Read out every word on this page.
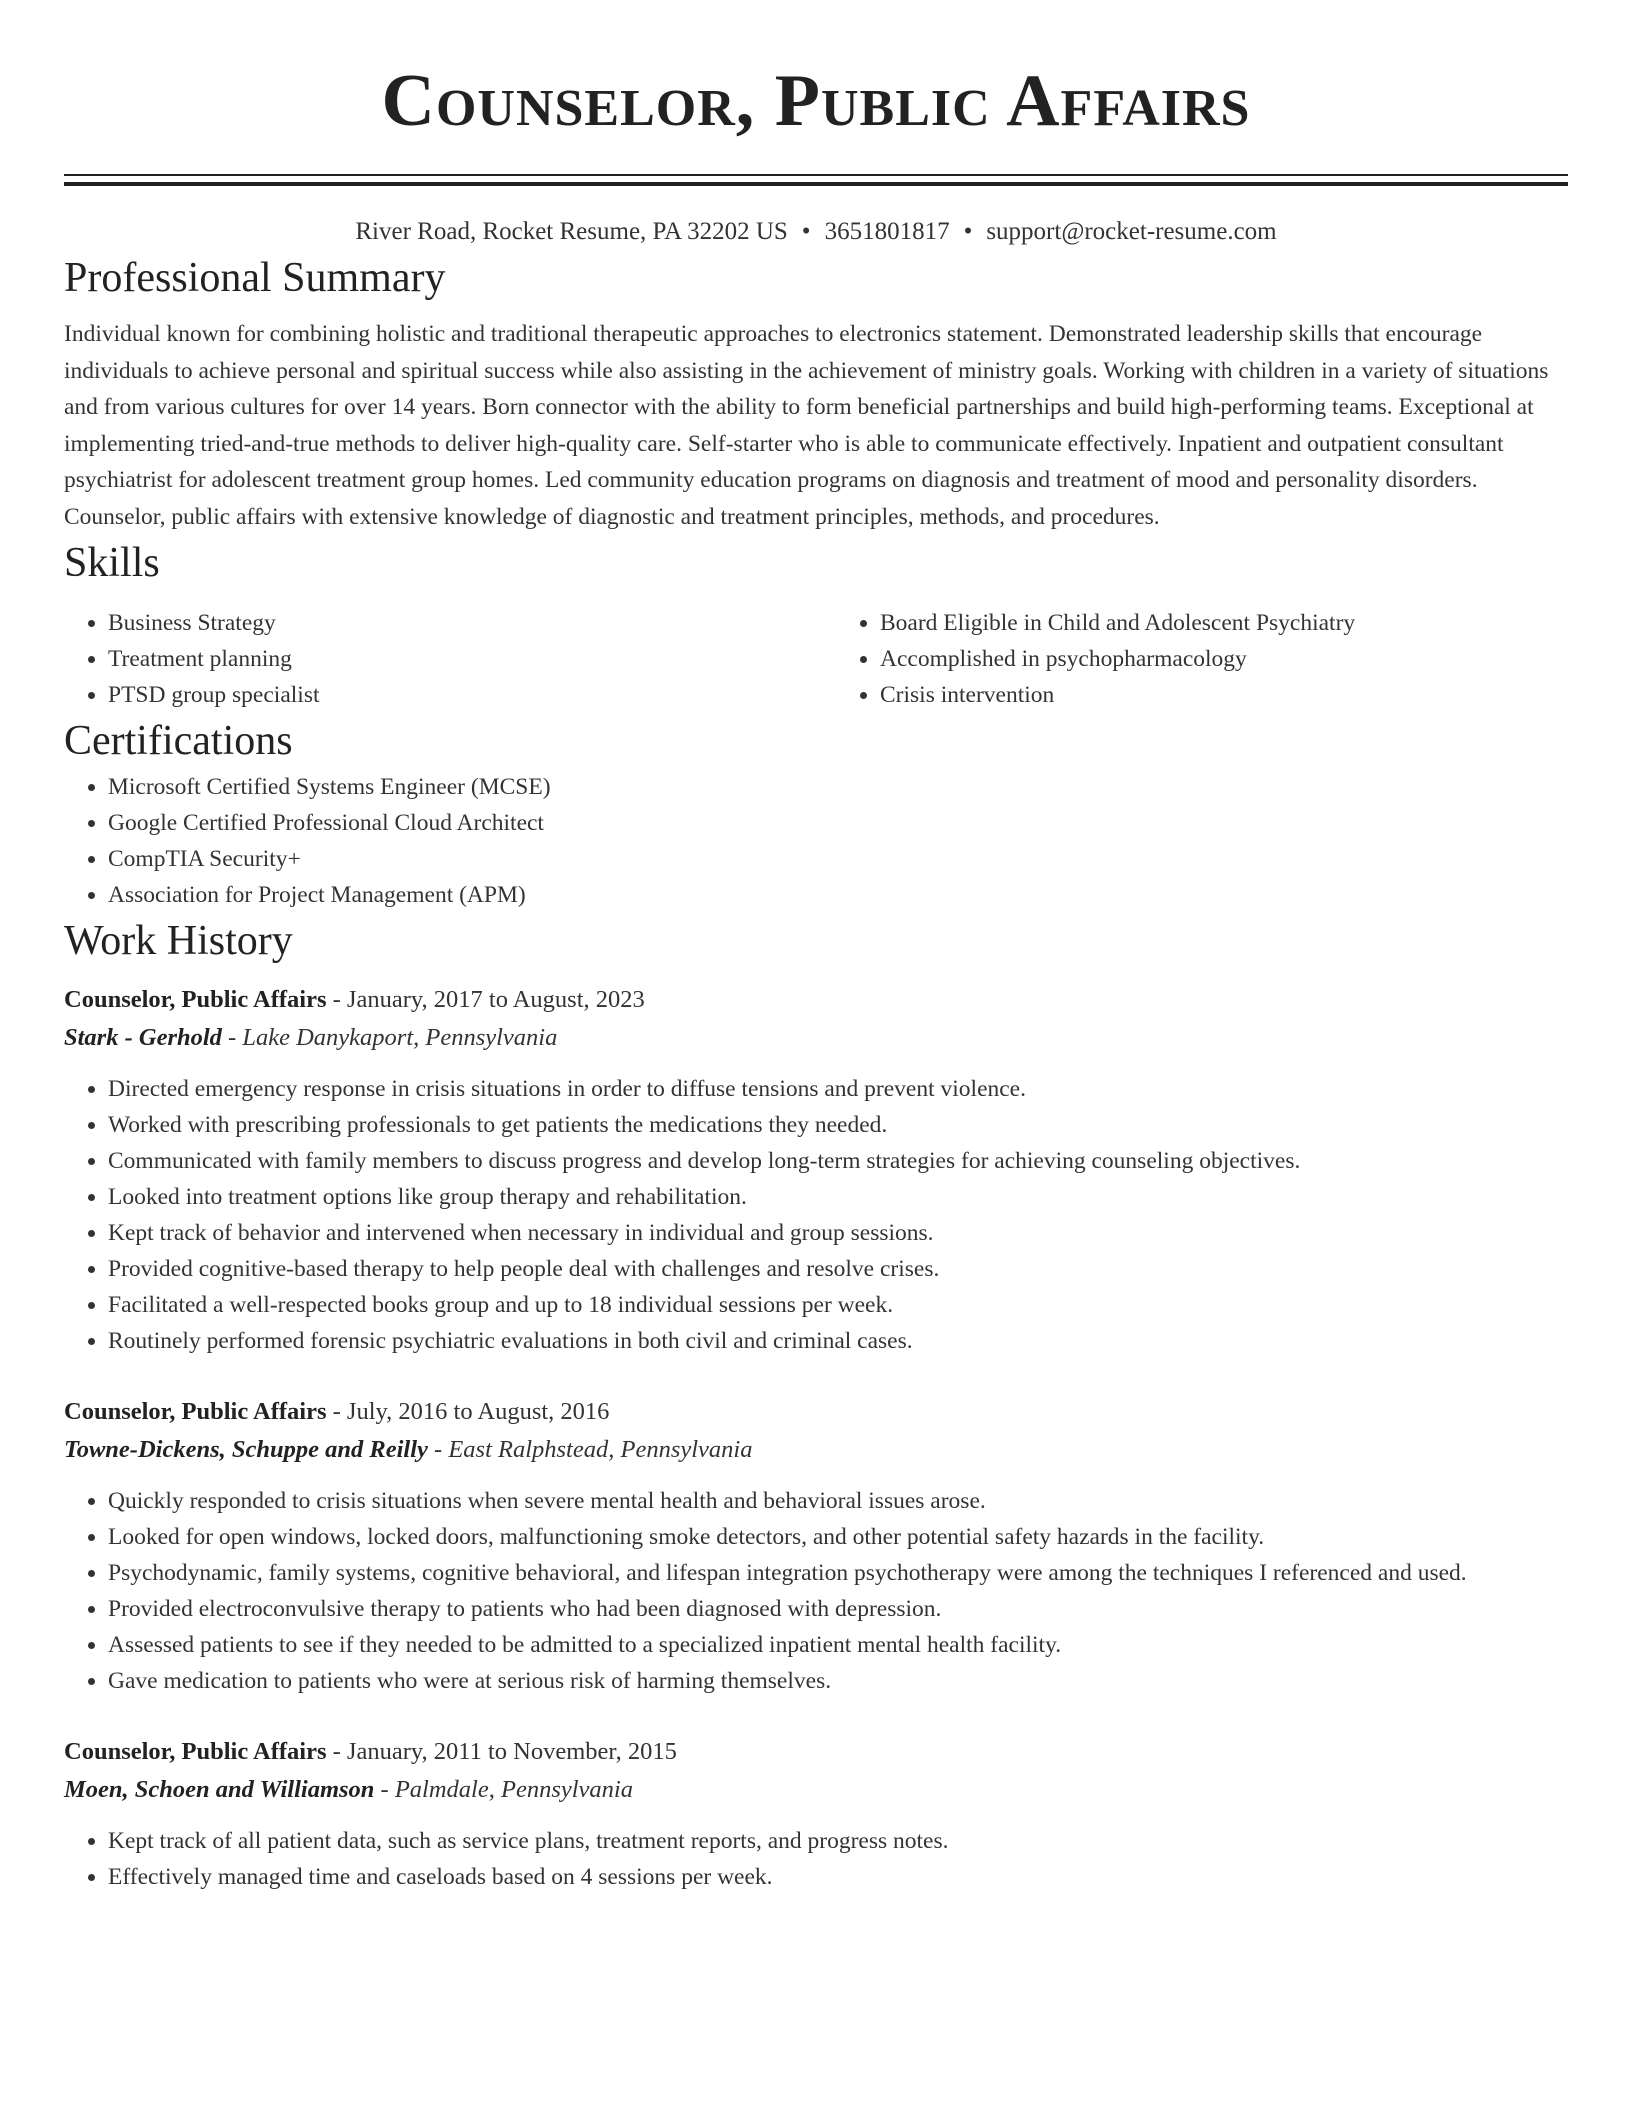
Counselor, Public Affairs
River Road, Rocket Resume, PA 32202 US • 3651801817 • support@rocket-resume.com
Professional Summary

Individual known for combining holistic and traditional therapeutic approaches to electronics statement. Demonstrated leadership skills that encourage individuals to achieve personal and spiritual success while also assisting in the achievement of ministry goals. Working with children in a variety of situations and from various cultures for over 14 years. Born connector with the ability to form beneficial partnerships and build high-performing teams. Exceptional at implementing tried-and-true methods to deliver high-quality care. Self-starter who is able to communicate effectively. Inpatient and outpatient consultant psychiatrist for adolescent treatment group homes. Led community education programs on diagnosis and treatment of mood and personality disorders. Counselor, public affairs with extensive knowledge of diagnostic and treatment principles, methods, and procedures.

Skills
• Business Strategy
• Treatment planning
• PTSD group specialist
• Board Eligible in Child and Adolescent Psychiatry
• Accomplished in psychopharmacology
• Crisis intervention
Certifications
• Microsoft Certified Systems Engineer (MCSE)
• Google Certified Professional Cloud Architect
• CompTIA Security+
• Association for Project Management (APM)
Work History
Counselor, Public Affairs - January, 2017 to August, 2023
Stark - Gerhold - Lake Danykaport, Pennsylvania
• Directed emergency response in crisis situations in order to diffuse tensions and prevent violence.
• Worked with prescribing professionals to get patients the medications they needed.
• Communicated with family members to discuss progress and develop long-term strategies for achieving counseling objectives.
• Looked into treatment options like group therapy and rehabilitation.
• Kept track of behavior and intervened when necessary in individual and group sessions.
• Provided cognitive-based therapy to help people deal with challenges and resolve crises.
• Facilitated a well-respected books group and up to 18 individual sessions per week.
• Routinely performed forensic psychiatric evaluations in both civil and criminal cases.
Counselor, Public Affairs - July, 2016 to August, 2016
Towne-Dickens, Schuppe and Reilly - East Ralphstead, Pennsylvania
• Quickly responded to crisis situations when severe mental health and behavioral issues arose.
• Looked for open windows, locked doors, malfunctioning smoke detectors, and other potential safety hazards in the facility.
• Psychodynamic, family systems, cognitive behavioral, and lifespan integration psychotherapy were among the techniques I referenced and used.
• Provided electroconvulsive therapy to patients who had been diagnosed with depression.
• Assessed patients to see if they needed to be admitted to a specialized inpatient mental health facility.
• Gave medication to patients who were at serious risk of harming themselves.
Counselor, Public Affairs - January, 2011 to November, 2015
Moen, Schoen and Williamson - Palmdale, Pennsylvania
• Kept track of all patient data, such as service plans, treatment reports, and progress notes.
• Effectively managed time and caseloads based on 4 sessions per week.
